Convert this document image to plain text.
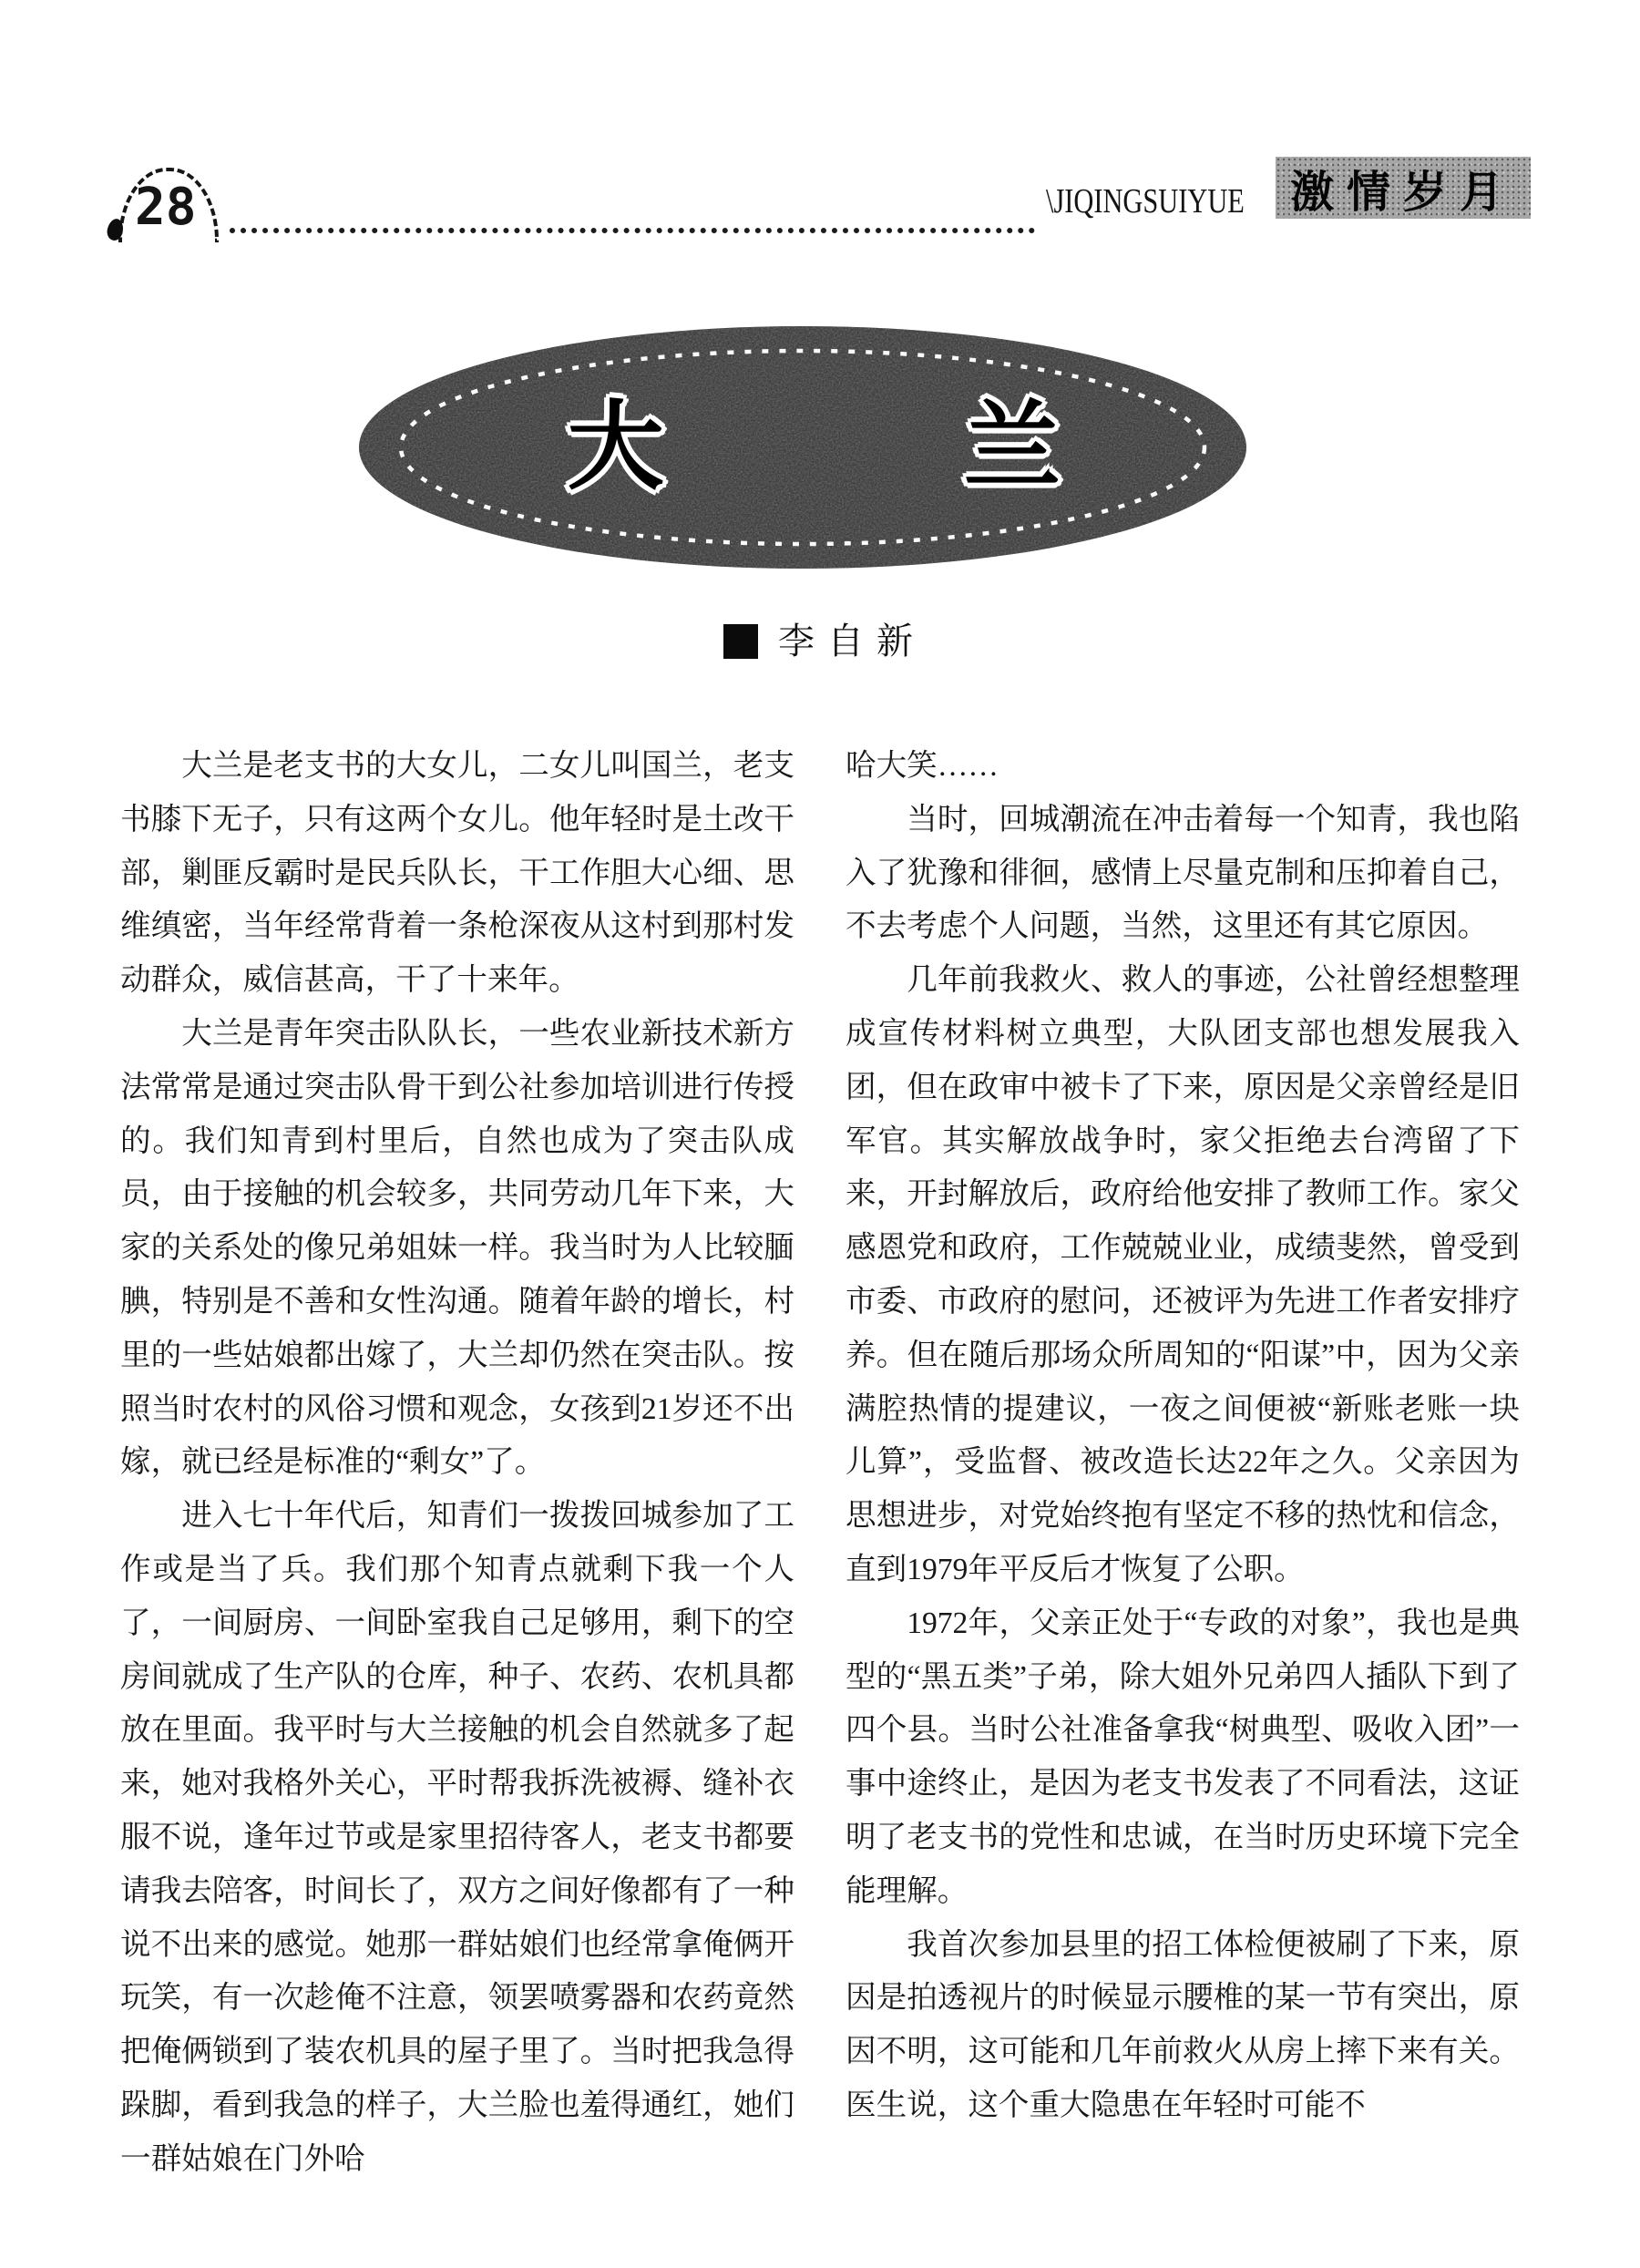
28	\JIQINGSUIYUE	激情岁月
大	兰
李自新

大兰是老支书的大女儿，二女儿叫国兰，老支书膝下无子，只有这两个女儿。他年轻时是土改干部，剿匪反霸时是民兵队长，干工作胆大心细、思维缜密，当年经常背着一条枪深夜从这村到那村发动群众，威信甚高，干了十来年。

大兰是青年突击队队长，一些农业新技术新方法常常是通过突击队骨干到公社参加培训进行传授的。我们知青到村里后，自然也成为了突击队成员，由于接触的机会较多，共同劳动几年下来，大家的关系处的像兄弟姐妹一样。我当时为人比较腼腆，特别是不善和女性沟通。随着年龄的增长，村里的一些姑娘都出嫁了，大兰却仍然在突击队。按照当时农村的风俗习惯和观念，女孩到21岁还不出嫁，就已经是标准的“剩女”了。

进入七十年代后，知青们一拨拨回城参加了工作或是当了兵。我们那个知青点就剩下我一个人了，一间厨房、一间卧室我自己足够用，剩下的空房间就成了生产队的仓库，种子、农药、农机具都放在里面。我平时与大兰接触的机会自然就多了起来，她对我格外关心，平时帮我拆洗被褥、缝补衣服不说，逢年过节或是家里招待客人，老支书都要请我去陪客，时间长了，双方之间好像都有了一种说不出来的感觉。她那一群姑娘们也经常拿俺俩开玩笑，有一次趁俺不注意，领罢喷雾器和农药竟然把俺俩锁到了装农机具的屋子里了。当时把我急得跺脚，看到我急的样子，大兰脸也羞得通红，她们一群姑娘在门外哈

哈大笑……

当时，回城潮流在冲击着每一个知青，我也陷入了犹豫和徘徊，感情上尽量克制和压抑着自己，不去考虑个人问题，当然，这里还有其它原因。

几年前我救火、救人的事迹，公社曾经想整理成宣传材料树立典型，大队团支部也想发展我入团，但在政审中被卡了下来，原因是父亲曾经是旧军官。其实解放战争时，家父拒绝去台湾留了下来，开封解放后，政府给他安排了教师工作。家父感恩党和政府，工作兢兢业业，成绩斐然，曾受到市委、市政府的慰问，还被评为先进工作者安排疗养。但在随后那场众所周知的“阳谋”中，因为父亲满腔热情的提建议，一夜之间便被“新账老账一块儿算”，受监督、被改造长达22年之久。父亲因为思想进步，对党始终抱有坚定不移的热忱和信念，直到1979年平反后才恢复了公职。

1972年，父亲正处于“专政的对象”，我也是典型的“黑五类”子弟，除大姐外兄弟四人插队下到了四个县。当时公社准备拿我“树典型、吸收入团”一事中途终止，是因为老支书发表了不同看法，这证明了老支书的党性和忠诚，在当时历史环境下完全能理解。

我首次参加县里的招工体检便被刷了下来，原因是拍透视片的时候显示腰椎的某一节有突出，原因不明，这可能和几年前救火从房上摔下来有关。医生说，这个重大隐患在年轻时可能不
